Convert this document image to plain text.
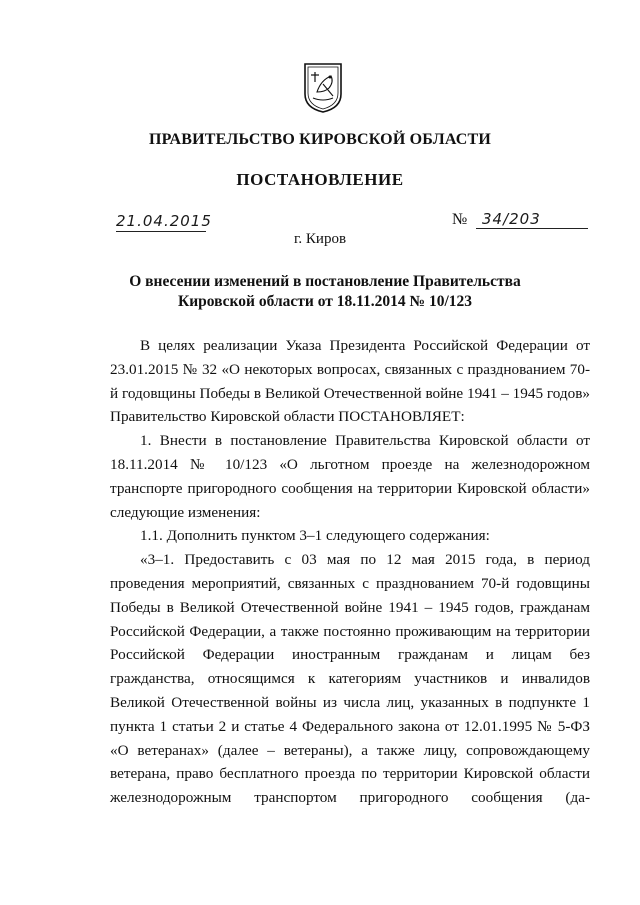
ПРАВИТЕЛЬСТВО КИРОВСКОЙ ОБЛАСТИ
ПОСТАНОВЛЕНИЕ
21.04.2015	№ 34/203
г. Киров
О внесении изменений в постановление Правительства Кировской области от 18.11.2014 № 10/123

В целях реализации Указа Президента Российской Федерации от 23.01.2015 № 32 «О некоторых вопросах, связанных с празднованием 70-й годовщины Победы в Великой Отечественной войне 1941 – 1945 годов» Правительство Кировской области ПОСТАНОВЛЯЕТ:

1. Внести в постановление Правительства Кировской области от 18.11.2014 № 10/123 «О льготном проезде на железнодорожном транспорте пригородного сообщения на территории Кировской области» следующие изменения:

1.1. Дополнить пунктом 3–1 следующего содержания:

«3–1. Предоставить с 03 мая по 12 мая 2015 года, в период проведения мероприятий, связанных с празднованием 70-й годовщины Победы в Великой Отечественной войне 1941 – 1945 годов, гражданам Российской Федерации, а также постоянно проживающим на территории Российской Федерации иностранным гражданам и лицам без гражданства, относящимся к категориям участников и инвалидов Великой Отечественной войны из числа лиц, указанных в подпункте 1 пункта 1 статьи 2 и статье 4 Федерального закона от 12.01.1995 № 5-ФЗ «О ветеранах» (далее – ветераны), а также лицу, сопровождающему ветерана, право бесплатного проезда по территории Кировской области железнодорожным транспортом пригородного сообщения (да-
